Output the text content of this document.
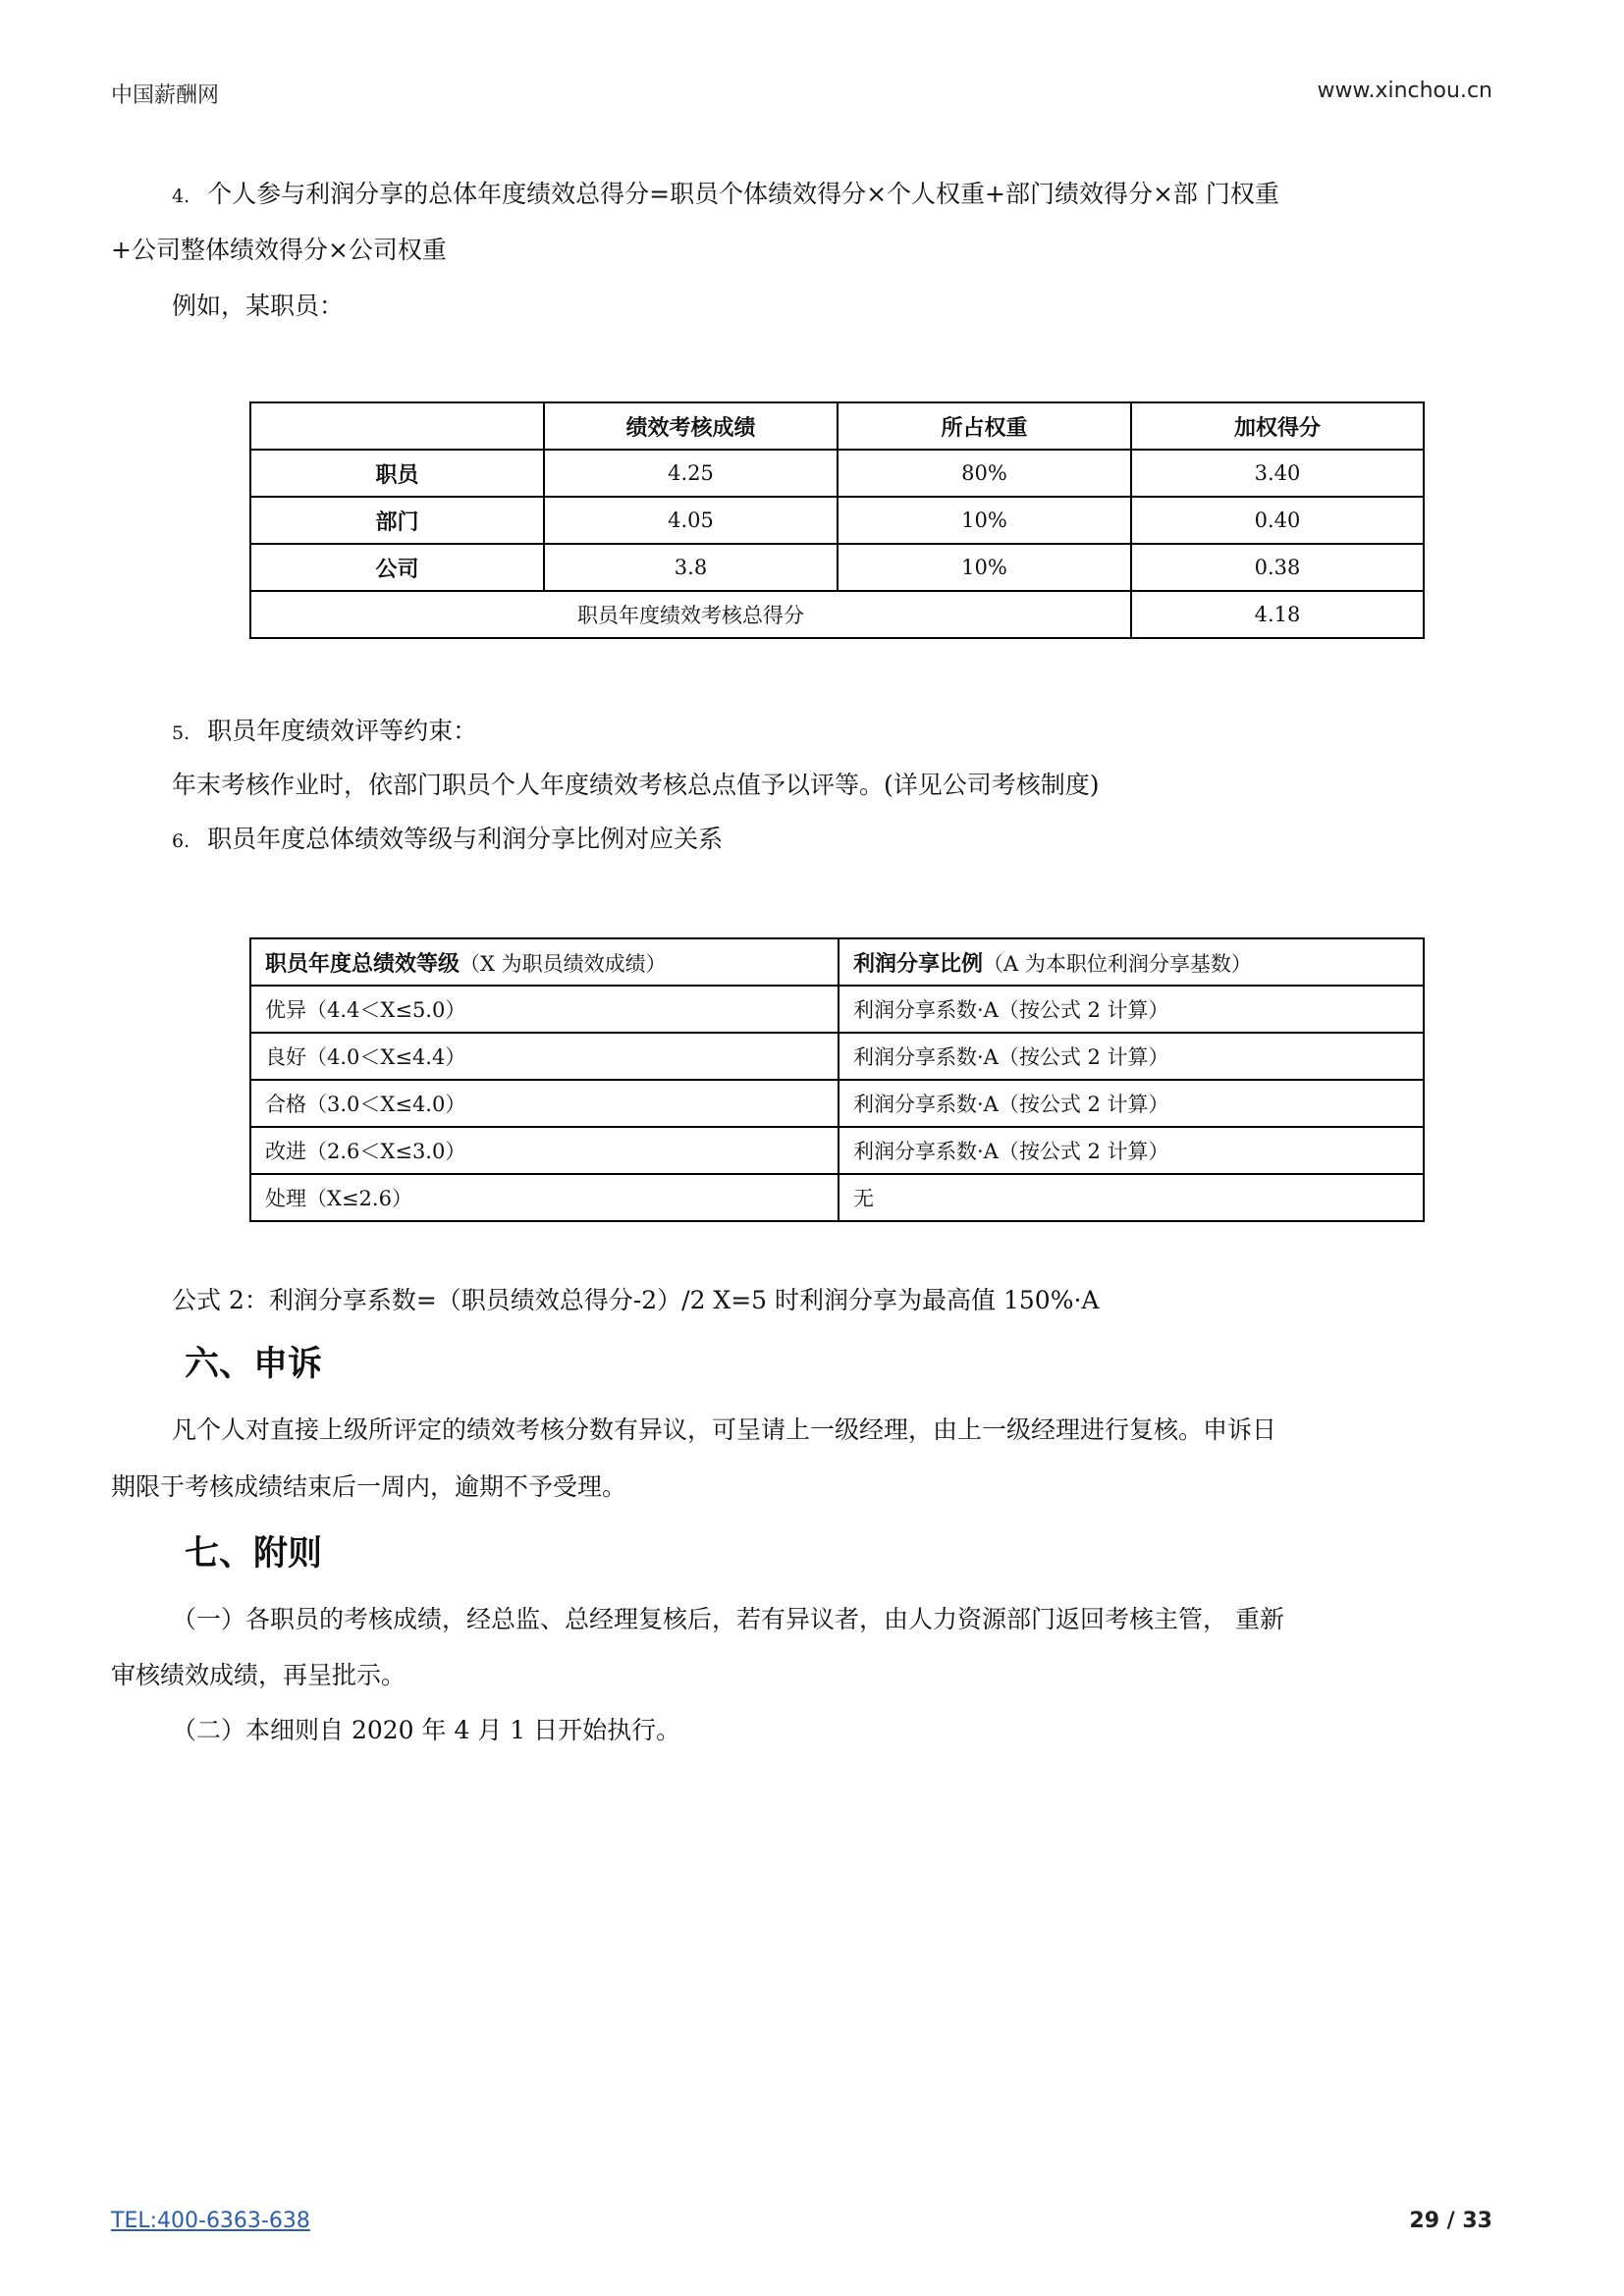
中国薪酬网	www.xinchou.cn
4. 个人参与利润分享的总体年度绩效总得分=职员个体绩效得分×个人权重+部门绩效得分×部 门权重
+公司整体绩效得分×公司权重
例如，某职员：
	绩效考核成绩	所占权重	加权得分
职员	4.25	80%	3.40
部门	4.05	10%	0.40
公司	3.8	10%	0.38
职员年度绩效考核总得分			4.18
5. 职员年度绩效评等约束：
年末考核作业时，依部门职员个人年度绩效考核总点值予以评等。(详见公司考核制度)
6. 职员年度总体绩效等级与利润分享比例对应关系
职员年度总绩效等级（X 为职员绩效成绩）	利润分享比例（A 为本职位利润分享基数）
优异（4.4＜X≤5.0）	利润分享系数·A（按公式 2 计算）
良好（4.0＜X≤4.4）	利润分享系数·A（按公式 2 计算）
合格（3.0＜X≤4.0）	利润分享系数·A（按公式 2 计算）
改进（2.6＜X≤3.0）	利润分享系数·A（按公式 2 计算）
处理（X≤2.6）	无
公式 2：利润分享系数=（职员绩效总得分-2）/2 X=5 时利润分享为最高值 150%·A
六、申诉
凡个人对直接上级所评定的绩效考核分数有异议，可呈请上一级经理，由上一级经理进行复核。申诉日
期限于考核成绩结束后一周内，逾期不予受理。
七、附则
（一）各职员的考核成绩，经总监、总经理复核后，若有异议者，由人力资源部门返回考核主管， 重新
审核绩效成绩，再呈批示。
（二）本细则自 2020 年 4 月 1 日开始执行。
TEL:400-6363-638	29 / 33
